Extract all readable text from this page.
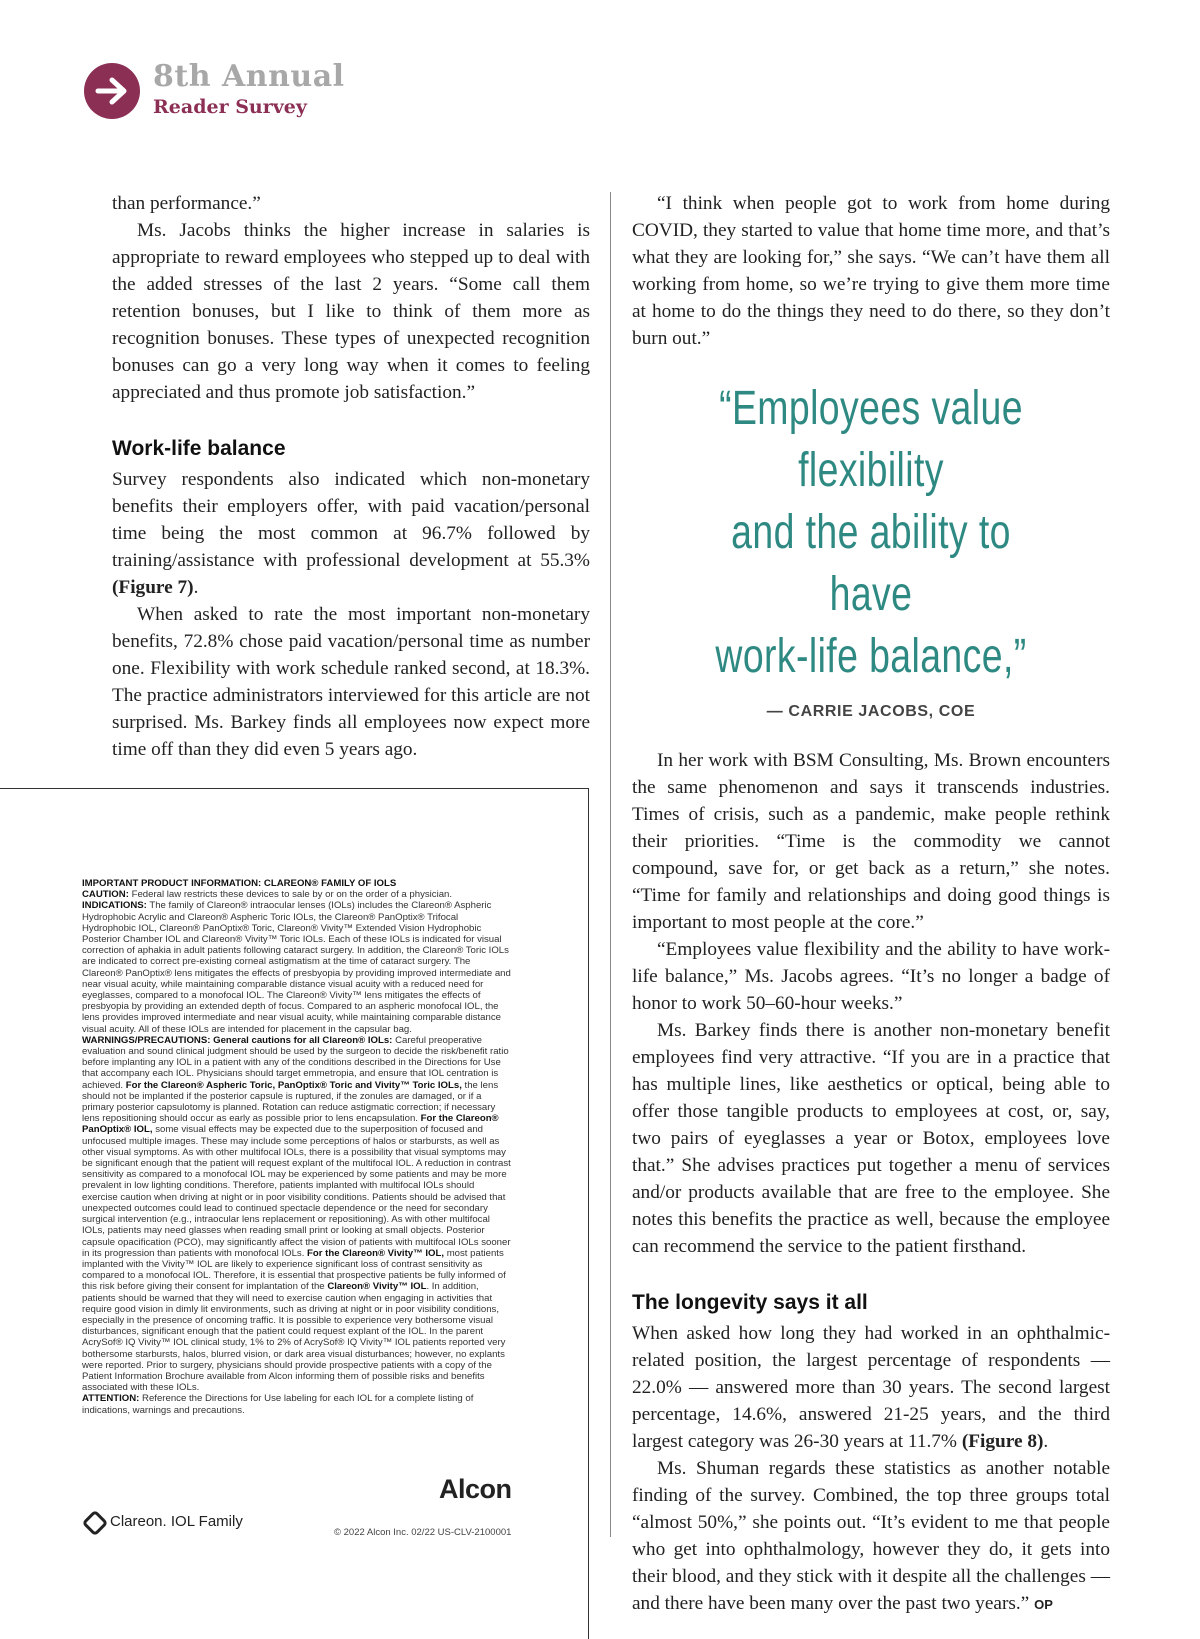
8th Annual
Reader Survey

than performance.”

Ms. Jacobs thinks the higher increase in salaries is appropriate to reward employees who stepped up to deal with the added stresses of the last 2 years. “Some call them retention bonuses, but I like to think of them more as recognition bonuses. These types of unexpected recognition bonuses can go a very long way when it comes to feeling appreciated and thus promote job satisfaction.”

Work-life balance

Survey respondents also indicated which non-monetary benefits their employers offer, with paid vacation/personal time being the most common at 96.7% followed by training/assistance with professional development at 55.3% (Figure 7).

When asked to rate the most important non-monetary benefits, 72.8% chose paid vacation/personal time as number one. Flexibility with work schedule ranked second, at 18.3%. The practice administrators interviewed for this article are not surprised. Ms. Barkey finds all employees now expect more time off than they did even 5 years ago.

“I think when people got to work from home during COVID, they started to value that home time more, and that’s what they are looking for,” she says. “We can’t have them all working from home, so we’re trying to give them more time at home to do the things they need to do there, so they don’t burn out.”

“Employees value flexibility
and the ability to have
work-life balance,”
— CARRIE JACOBS, COE

In her work with BSM Consulting, Ms. Brown encounters the same phenomenon and says it transcends industries. Times of crisis, such as a pandemic, make people rethink their priorities. “Time is the commodity we cannot compound, save for, or get back as a return,” she notes. “Time for family and relationships and doing good things is important to most people at the core.”

“Employees value flexibility and the ability to have work-life balance,” Ms. Jacobs agrees. “It’s no longer a badge of honor to work 50–60-hour weeks.”

Ms. Barkey finds there is another non-monetary benefit employees find very attractive. “If you are in a practice that has multiple lines, like aesthetics or optical, being able to offer those tangible products to employees at cost, or, say, two pairs of eyeglasses a year or Botox, employees love that.” She advises practices put together a menu of services and/or products available that are free to the employee. She notes this benefits the practice as well, because the employee can recommend the service to the patient firsthand.

The longevity says it all

When asked how long they had worked in an ophthalmic-related position, the largest percentage of respondents — 22.0% — answered more than 30 years. The second largest percentage, 14.6%, answered 21-25 years, and the third largest category was 26-30 years at 11.7% (Figure 8).

Ms. Shuman regards these statistics as another notable finding of the survey. Combined, the top three groups total “almost 50%,” she points out. “It’s evident to me that people who get into ophthalmology, however they do, it gets into their blood, and they stick with it despite all the challenges — and there have been many over the past two years.” OP

IMPORTANT PRODUCT INFORMATION: CLAREON® FAMILY OF IOLS

CAUTION: Federal law restricts these devices to sale by or on the order of a physician.

INDICATIONS: The family of Clareon® intraocular lenses (IOLs) includes the Clareon® Aspheric Hydrophobic Acrylic and Clareon® Aspheric Toric IOLs, the Clareon® PanOptix® Trifocal Hydrophobic IOL, Clareon® PanOptix® Toric, Clareon® Vivity™ Extended Vision Hydrophobic Posterior Chamber IOL and Clareon® Vivity™ Toric IOLs. Each of these IOLs is indicated for visual correction of aphakia in adult patients following cataract surgery. In addition, the Clareon® Toric IOLs are indicated to correct pre-existing corneal astigmatism at the time of cataract surgery. The Clareon® PanOptix® lens mitigates the effects of presbyopia by providing improved intermediate and near visual acuity, while maintaining comparable distance visual acuity with a reduced need for eyeglasses, compared to a monofocal IOL. The Clareon® Vivity™ lens mitigates the effects of presbyopia by providing an extended depth of focus. Compared to an aspheric monofocal IOL, the lens provides improved intermediate and near visual acuity, while maintaining comparable distance visual acuity. All of these IOLs are intended for placement in the capsular bag.

WARNINGS/PRECAUTIONS: General cautions for all Clareon® IOLs: Careful preoperative evaluation and sound clinical judgment should be used by the surgeon to decide the risk/benefit ratio before implanting any IOL in a patient with any of the conditions described in the Directions for Use that accompany each IOL. Physicians should target emmetropia, and ensure that IOL centration is achieved. For the Clareon® Aspheric Toric, PanOptix® Toric and Vivity™ Toric IOLs, the lens should not be implanted if the posterior capsule is ruptured, if the zonules are damaged, or if a primary posterior capsulotomy is planned. Rotation can reduce astigmatic correction; if necessary lens repositioning should occur as early as possible prior to lens encapsulation. For the Clareon® PanOptix® IOL, some visual effects may be expected due to the superposition of focused and unfocused multiple images. These may include some perceptions of halos or starbursts, as well as other visual symptoms. As with other multifocal IOLs, there is a possibility that visual symptoms may be significant enough that the patient will request explant of the multifocal IOL. A reduction in contrast sensitivity as compared to a monofocal IOL may be experienced by some patients and may be more prevalent in low lighting conditions. Therefore, patients implanted with multifocal IOLs should exercise caution when driving at night or in poor visibility conditions. Patients should be advised that unexpected outcomes could lead to continued spectacle dependence or the need for secondary surgical intervention (e.g., intraocular lens replacement or repositioning). As with other multifocal IOLs, patients may need glasses when reading small print or looking at small objects. Posterior capsule opacification (PCO), may significantly affect the vision of patients with multifocal IOLs sooner in its progression than patients with monofocal IOLs. For the Clareon® Vivity™ IOL, most patients implanted with the Vivity™ IOL are likely to experience significant loss of contrast sensitivity as compared to a monofocal IOL. Therefore, it is essential that prospective patients be fully informed of this risk before giving their consent for implantation of the Clareon® Vivity™ IOL. In addition, patients should be warned that they will need to exercise caution when engaging in activities that require good vision in dimly lit environments, such as driving at night or in poor visibility conditions, especially in the presence of oncoming traffic. It is possible to experience very bothersome visual disturbances, significant enough that the patient could request explant of the IOL. In the parent AcrySof® IQ Vivity™ IOL clinical study, 1% to 2% of AcrySof® IQ Vivity™ IOL patients reported very bothersome starbursts, halos, blurred vision, or dark area visual disturbances; however, no explants were reported. Prior to surgery, physicians should provide prospective patients with a copy of the Patient Information Brochure available from Alcon informing them of possible risks and benefits associated with these IOLs.

ATTENTION: Reference the Directions for Use labeling for each IOL for a complete listing of indications, warnings and precautions.

Alcon
Clareon. IOL Family
© 2022 Alcon Inc. 02/22 US-CLV-2100001
